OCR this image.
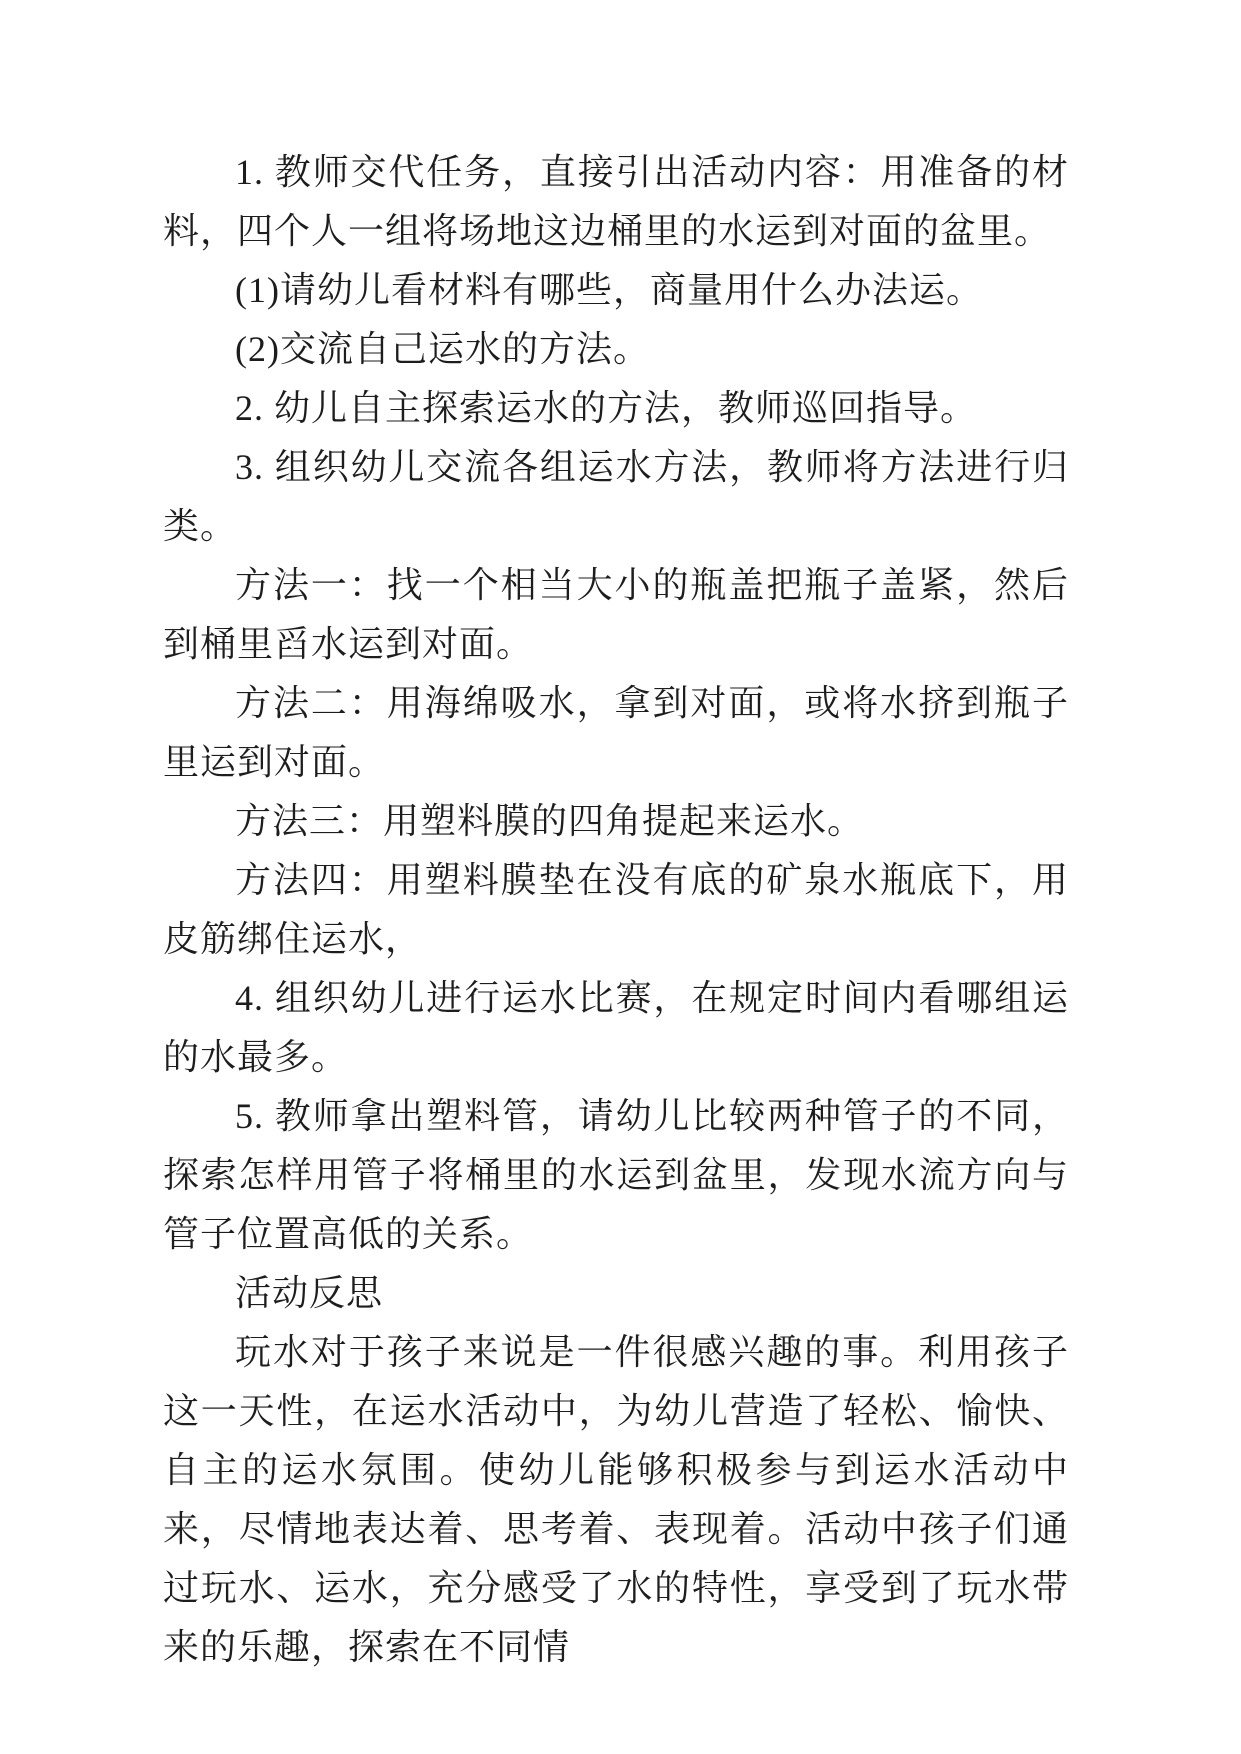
1. 教师交代任务，直接引出活动内容：用准备的材料，四个人一组将场地这边桶里的水运到对面的盆里。

(1)请幼儿看材料有哪些，商量用什么办法运。

(2)交流自己运水的方法。

2. 幼儿自主探索运水的方法，教师巡回指导。

3. 组织幼儿交流各组运水方法，教师将方法进行归类。

方法一：找一个相当大小的瓶盖把瓶子盖紧，然后到桶里舀水运到对面。

方法二：用海绵吸水，拿到对面，或将水挤到瓶子里运到对面。

方法三：用塑料膜的四角提起来运水。

方法四：用塑料膜垫在没有底的矿泉水瓶底下，用皮筋绑住运水，

4. 组织幼儿进行运水比赛，在规定时间内看哪组运的水最多。

5. 教师拿出塑料管，请幼儿比较两种管子的不同，探索怎样用管子将桶里的水运到盆里，发现水流方向与管子位置高低的关系。

活动反思

玩水对于孩子来说是一件很感兴趣的事。利用孩子这一天性，在运水活动中，为幼儿营造了轻松、愉快、自主的运水氛围。使幼儿能够积极参与到运水活动中来，尽情地表达着、思考着、表现着。活动中孩子们通过玩水、运水，充分感受了水的特性，享受到了玩水带来的乐趣，探索在不同情
